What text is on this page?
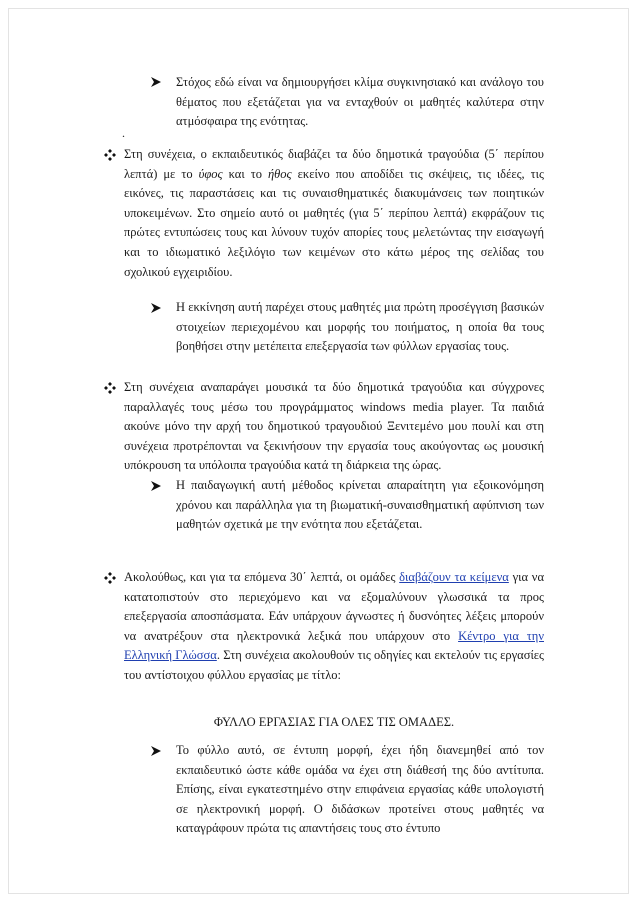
Στόχος εδώ είναι να δημιουργήσει κλίμα συγκινησιακό και ανάλογο του θέματος που εξετάζεται για να ενταχθούν οι μαθητές καλύτερα στην ατμόσφαιρα της ενότητας.

.

Στη συνέχεια, ο εκπαιδευτικός διαβάζει τα δύο δημοτικά τραγούδια (5΄ περίπου λεπτά) με το ύφος και το ήθος εκείνο που αποδίδει τις σκέψεις, τις ιδέες, τις εικόνες, τις παραστάσεις και τις συναισθηματικές διακυμάνσεις των ποιητικών υποκειμένων. Στο σημείο αυτό οι μαθητές (για 5΄ περίπου λεπτά) εκφράζουν τις πρώτες εντυπώσεις τους και λύνουν τυχόν απορίες τους μελετώντας την εισαγωγή και το ιδιωματικό λεξιλόγιο των κειμένων στο κάτω μέρος της σελίδας του σχολικού εγχειριδίου.

Η εκκίνηση αυτή παρέχει στους μαθητές μια πρώτη προσέγγιση βασικών στοιχείων περιεχομένου και μορφής του ποιήματος, η οποία θα τους βοηθήσει στην μετέπειτα επεξεργασία των φύλλων εργασίας τους.

Στη συνέχεια αναπαράγει μουσικά τα δύο δημοτικά τραγούδια και σύγχρονες παραλλαγές τους μέσω του προγράμματος windows media player. Τα παιδιά ακούνε μόνο την αρχή του δημοτικού τραγουδιού Ξενιτεμένο μου πουλί και στη συνέχεια προτρέπονται να ξεκινήσουν την εργασία τους ακούγοντας ως μουσική υπόκρουση τα υπόλοιπα τραγούδια κατά τη διάρκεια της ώρας.

Η παιδαγωγική αυτή μέθοδος κρίνεται απαραίτητη για εξοικονόμηση χρόνου και παράλληλα για τη βιωματική-συναισθηματική αφύπνιση των μαθητών σχετικά με την ενότητα που εξετάζεται.

Ακολούθως, και για τα επόμενα 30΄ λεπτά, οι ομάδες διαβάζουν τα κείμενα για να κατατοπιστούν στο περιεχόμενο και να εξομαλύνουν γλωσσικά τα προς επεξεργασία αποσπάσματα. Εάν υπάρχουν άγνωστες ή δυσνόητες λέξεις μπορούν να ανατρέξουν στα ηλεκτρονικά λεξικά που υπάρχουν στο Κέντρο για την Ελληνική Γλώσσα. Στη συνέχεια ακολουθούν τις οδηγίες και εκτελούν τις εργασίες του αντίστοιχου φύλλου εργασίας με τίτλο:

ΦΥΛΛΟ ΕΡΓΑΣΙΑΣ ΓΙΑ ΟΛΕΣ ΤΙΣ ΟΜΑΔΕΣ.

Το φύλλο αυτό, σε έντυπη μορφή, έχει ήδη διανεμηθεί από τον εκπαιδευτικό ώστε κάθε ομάδα να έχει στη διάθεσή της δύο αντίτυπα. Επίσης, είναι εγκατεστημένο στην επιφάνεια εργασίας κάθε υπολογιστή σε ηλεκτρονική μορφή. Ο διδάσκων προτείνει στους μαθητές να καταγράφουν πρώτα τις απαντήσεις τους στο έντυπο
